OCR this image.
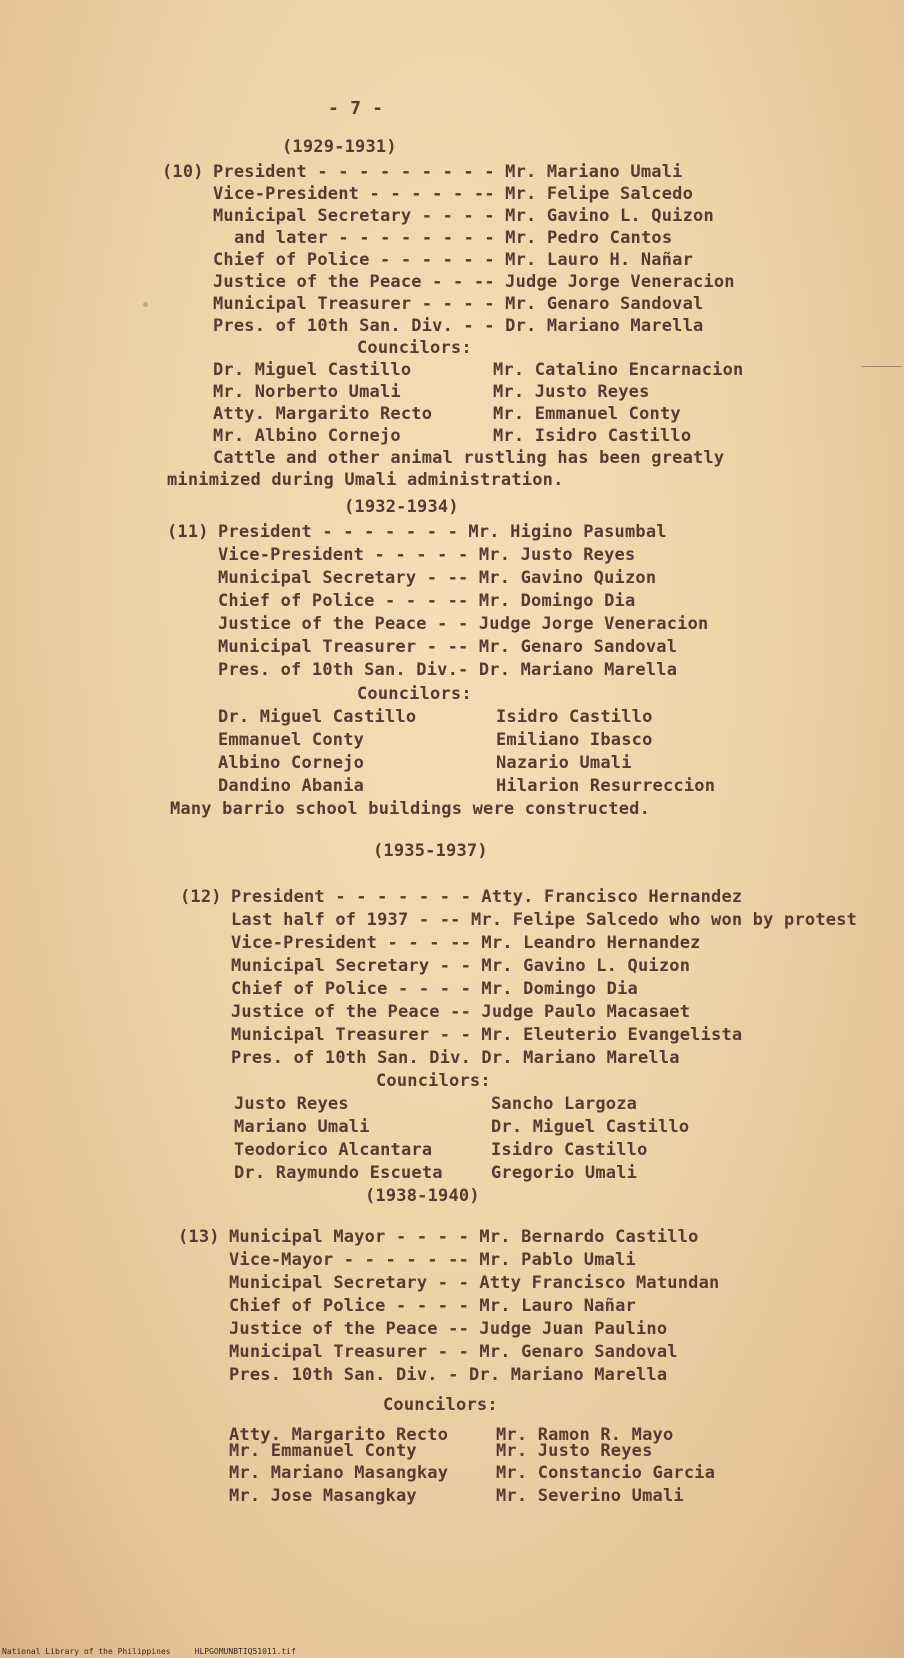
- 7 -
(1929-1931)
(10) President - - - - - - - - - Mr. Mariano Umali
Vice-President - - - - - -- Mr. Felipe Salcedo
Municipal Secretary - - - - Mr. Gavino L. Quizon
and later - - - - - - - - Mr. Pedro Cantos
Chief of Police - - - - - - Mr. Lauro H. Nañar
Justice of the Peace - - -- Judge Jorge Veneracion
Municipal Treasurer - - - - Mr. Genaro Sandoval
Pres. of 10th San. Div. - - Dr. Mariano Marella
Councilors:
Dr. Miguel Castillo
Mr. Norberto Umali
Atty. Margarito Recto
Mr. Albino Cornejo
Mr. Catalino Encarnacion
Mr. Justo Reyes
Mr. Emmanuel Conty
Mr. Isidro Castillo
Cattle and other animal rustling has been greatly
minimized during Umali administration.
(1932-1934)
(11) President - - - - - - - Mr. Higino Pasumbal
Vice-President - - - - - Mr. Justo Reyes
Municipal Secretary - -- Mr. Gavino Quizon
Chief of Police - - - -- Mr. Domingo Dia
Justice of the Peace - - Judge Jorge Veneracion
Municipal Treasurer - -- Mr. Genaro Sandoval
Pres. of 10th San. Div.- Dr. Mariano Marella
Councilors:
Dr. Miguel Castillo
Emmanuel Conty
Albino Cornejo
Dandino Abania
Isidro Castillo
Emiliano Ibasco
Nazario Umali
Hilarion Resurreccion
Many barrio school buildings were constructed.
(1935-1937)
(12) President - - - - - - - Atty. Francisco Hernandez
Last half of 1937 - -- Mr. Felipe Salcedo who won by protest
Vice-President - - - -- Mr. Leandro Hernandez
Municipal Secretary - - Mr. Gavino L. Quizon
Chief of Police - - - - Mr. Domingo Dia
Justice of the Peace -- Judge Paulo Macasaet
Municipal Treasurer - - Mr. Eleuterio Evangelista
Pres. of 10th San. Div. Dr. Mariano Marella
Councilors:
Justo Reyes
Mariano Umali
Teodorico Alcantara
Dr. Raymundo Escueta
Sancho Largoza
Dr. Miguel Castillo
Isidro Castillo
Gregorio Umali
(1938-1940)
(13) Municipal Mayor - - - - Mr. Bernardo Castillo
Vice-Mayor - - - - - -- Mr. Pablo Umali
Municipal Secretary - - Atty Francisco Matundan
Chief of Police - - - - Mr. Lauro Nañar
Justice of the Peace -- Judge Juan Paulino
Municipal Treasurer - - Mr. Genaro Sandoval
Pres. 10th San. Div. - Dr. Mariano Marella
Councilors:
Atty. Margarito Recto
Mr. Emmanuel Conty
Mr. Mariano Masangkay
Mr. Jose Masangkay
Mr. Ramon R. Mayo
Mr. Justo Reyes
Mr. Constancio Garcia
Mr. Severino Umali
National Library of the Philippines     HLPGOMUNBTIQ51011.tif
